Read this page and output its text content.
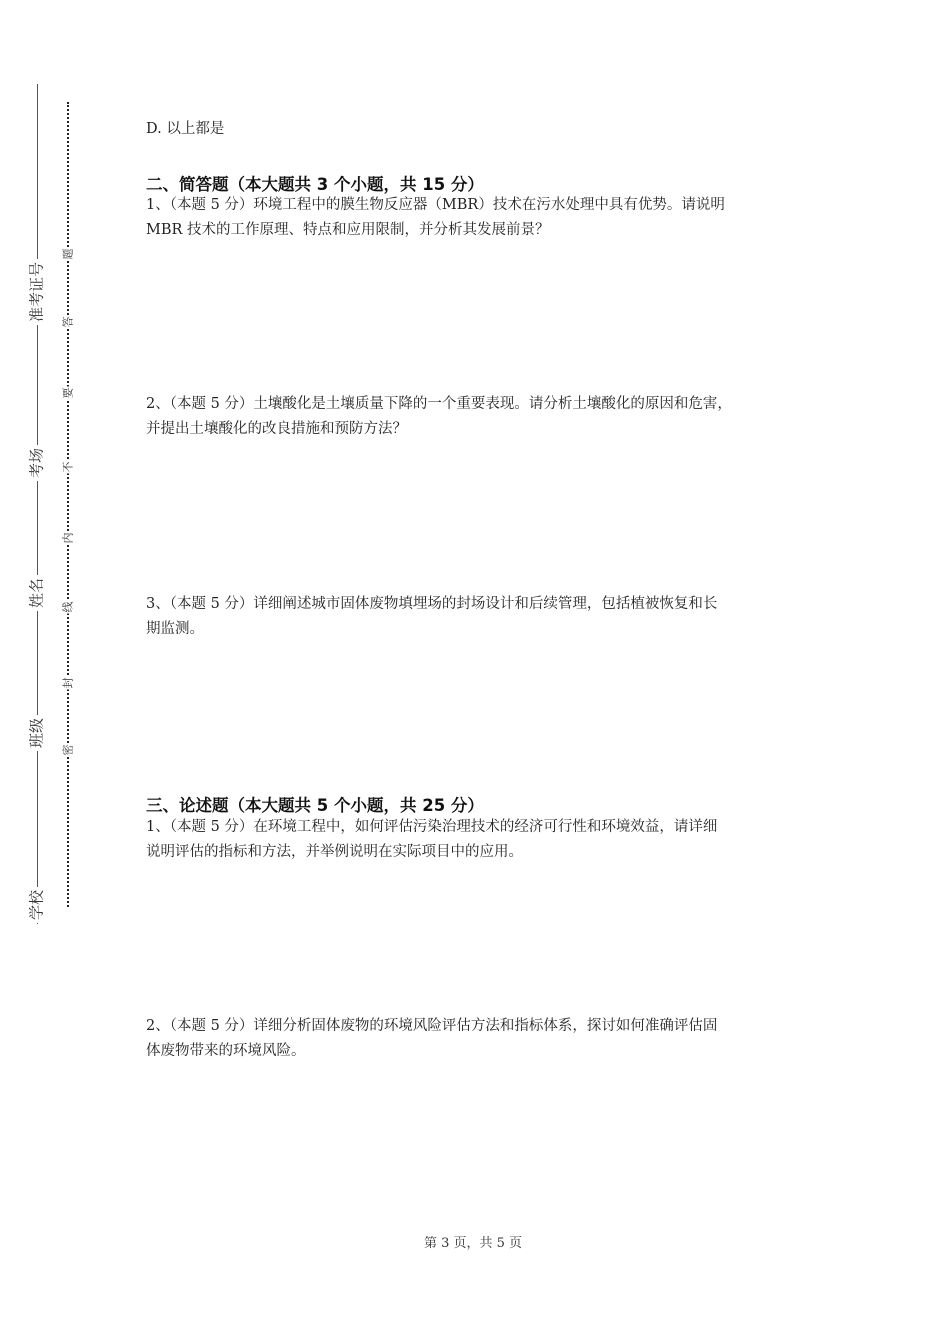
准考证号
考场
姓名
班级
学校
题
答
要
不
内
线
封
密
D. 以上都是
二、简答题（本大题共 3 个小题，共 15 分）
1、（本题 5 分）环境工程中的膜生物反应器（MBR）技术在污水处理中具有优势。请说明
MBR 技术的工作原理、特点和应用限制，并分析其发展前景？
2、（本题 5 分）土壤酸化是土壤质量下降的一个重要表现。请分析土壤酸化的原因和危害，
并提出土壤酸化的改良措施和预防方法？
3、（本题 5 分）详细阐述城市固体废物填埋场的封场设计和后续管理，包括植被恢复和长
期监测。
三、论述题（本大题共 5 个小题，共 25 分）
1、（本题 5 分）在环境工程中，如何评估污染治理技术的经济可行性和环境效益，请详细
说明评估的指标和方法，并举例说明在实际项目中的应用。
2、（本题 5 分）详细分析固体废物的环境风险评估方法和指标体系，探讨如何准确评估固
体废物带来的环境风险。
第 3 页，共 5 页
